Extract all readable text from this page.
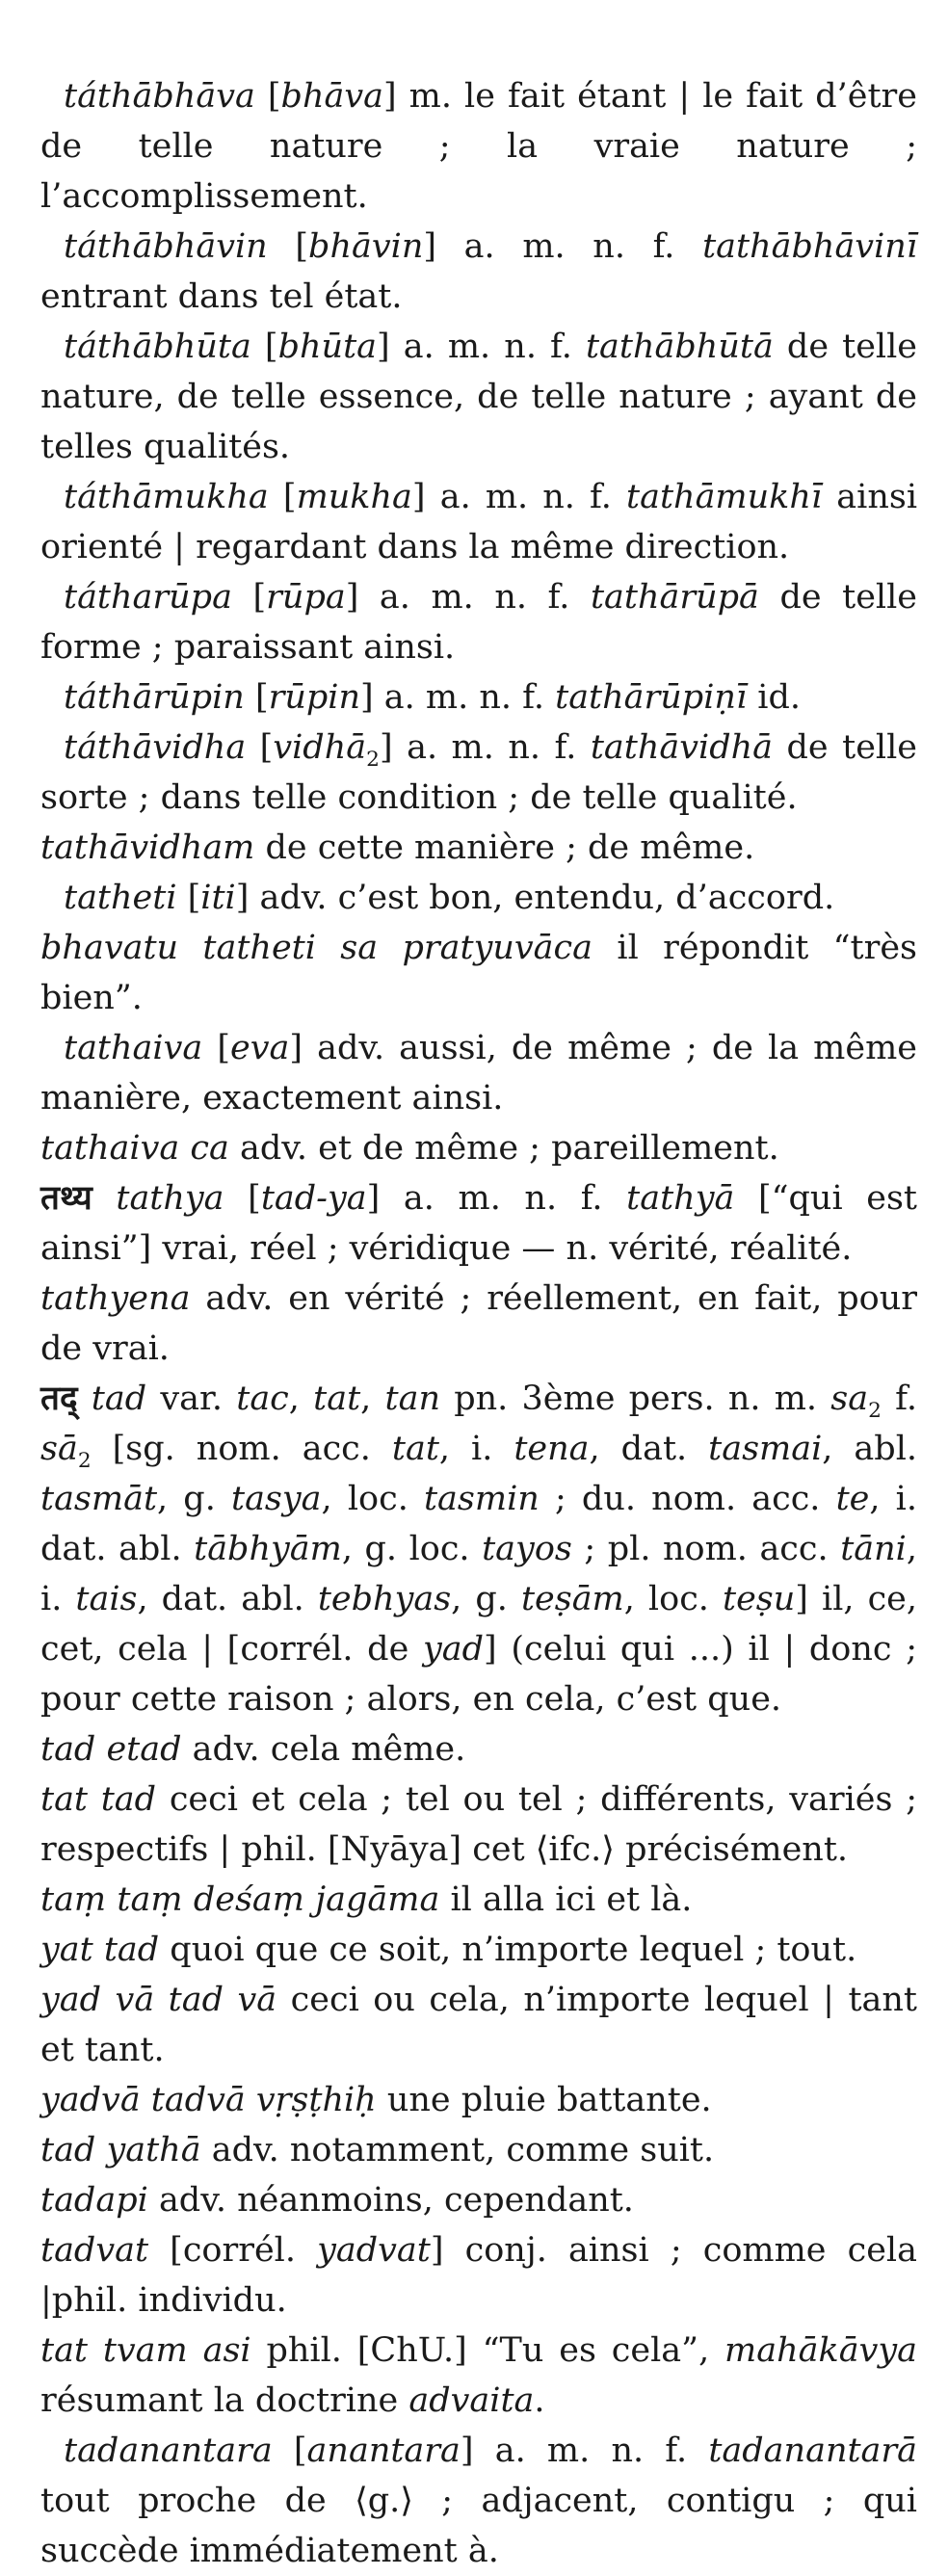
táthābhāva [bhāva] m. le fait étant | le fait d’être de telle nature ; la vraie nature ; l’accomplissement.

táthābhāvin [bhāvin] a. m. n. f. tathābhāvinī entrant dans tel état.

táthābhūta [bhūta] a. m. n. f. tathābhūtā de telle nature, de telle essence, de telle nature ; ayant de telles qualités.

táthāmukha [mukha] a. m. n. f. tathāmukhī ainsi orienté | regardant dans la même direction.

tátharūpa [rūpa] a. m. n. f. tathārūpā de telle forme ; paraissant ainsi.

táthārūpin [rūpin] a. m. n. f. tathārūpiṇī id.

táthāvidha [vidhā$_2$] a. m. n. f. tathāvidhā de telle sorte ; dans telle condition ; de telle qualité.

tathāvidham de cette manière ; de même.

tatheti [iti] adv. c’est bon, entendu, d’accord.

bhavatu tatheti sa pratyuvāca il répondit “très bien”.

tathaiva [eva] adv. aussi, de même ; de la même manière, exactement ainsi.

tathaiva ca adv. et de même ; pareillement.

तथ्य tathya [tad-ya] a. m. n. f. tathyā [“qui est ainsi”] vrai, réel ; véridique — n. vérité, réalité.

tathyena adv. en vérité ; réellement, en fait, pour de vrai.

तद् tad var. tac, tat, tan pn. 3ème pers. n. m. $sa_2$ f. $sā_2$ [sg. nom. acc. tat, i. tena, dat. tasmai, abl. tasmāt, g. tasya, loc. tasmin ; du. nom. acc. te, i. dat. abl. tābhyām, g. loc. tayos ; pl. nom. acc. tāni, i. tais, dat. abl. tebhyas, g. teṣām, loc. teṣu] il, ce, cet, cela | [corrél. de yad] (celui qui ...) il | donc ; pour cette raison ; alors, en cela, c’est que.

tad etad adv. cela même.

tat tad ceci et cela ; tel ou tel ; différents, variés ; respectifs | phil. [Nyāya] cet ⟨ifc.⟩ précisément.

taṃ taṃ deśaṃ jagāma il alla ici et là.

yat tad quoi que ce soit, n’importe lequel ; tout.

yad vā tad vā ceci ou cela, n’importe lequel | tant et tant.

yadvā tadvā vṛṣṭhiḥ une pluie battante.

tad yathā adv. notamment, comme suit.

tadapi adv. néanmoins, cependant.

tadvat [corrél. yadvat] conj. ainsi ; comme cela |phil. individu.

tat tvam asi phil. [ChU.] “Tu es cela”, mahākāvya résumant la doctrine advaita.

tadanantara [anantara] a. m. n. f. tadanantarā tout proche de ⟨g.⟩ ; adjacent, contigu ; qui succède immédiatement à.
